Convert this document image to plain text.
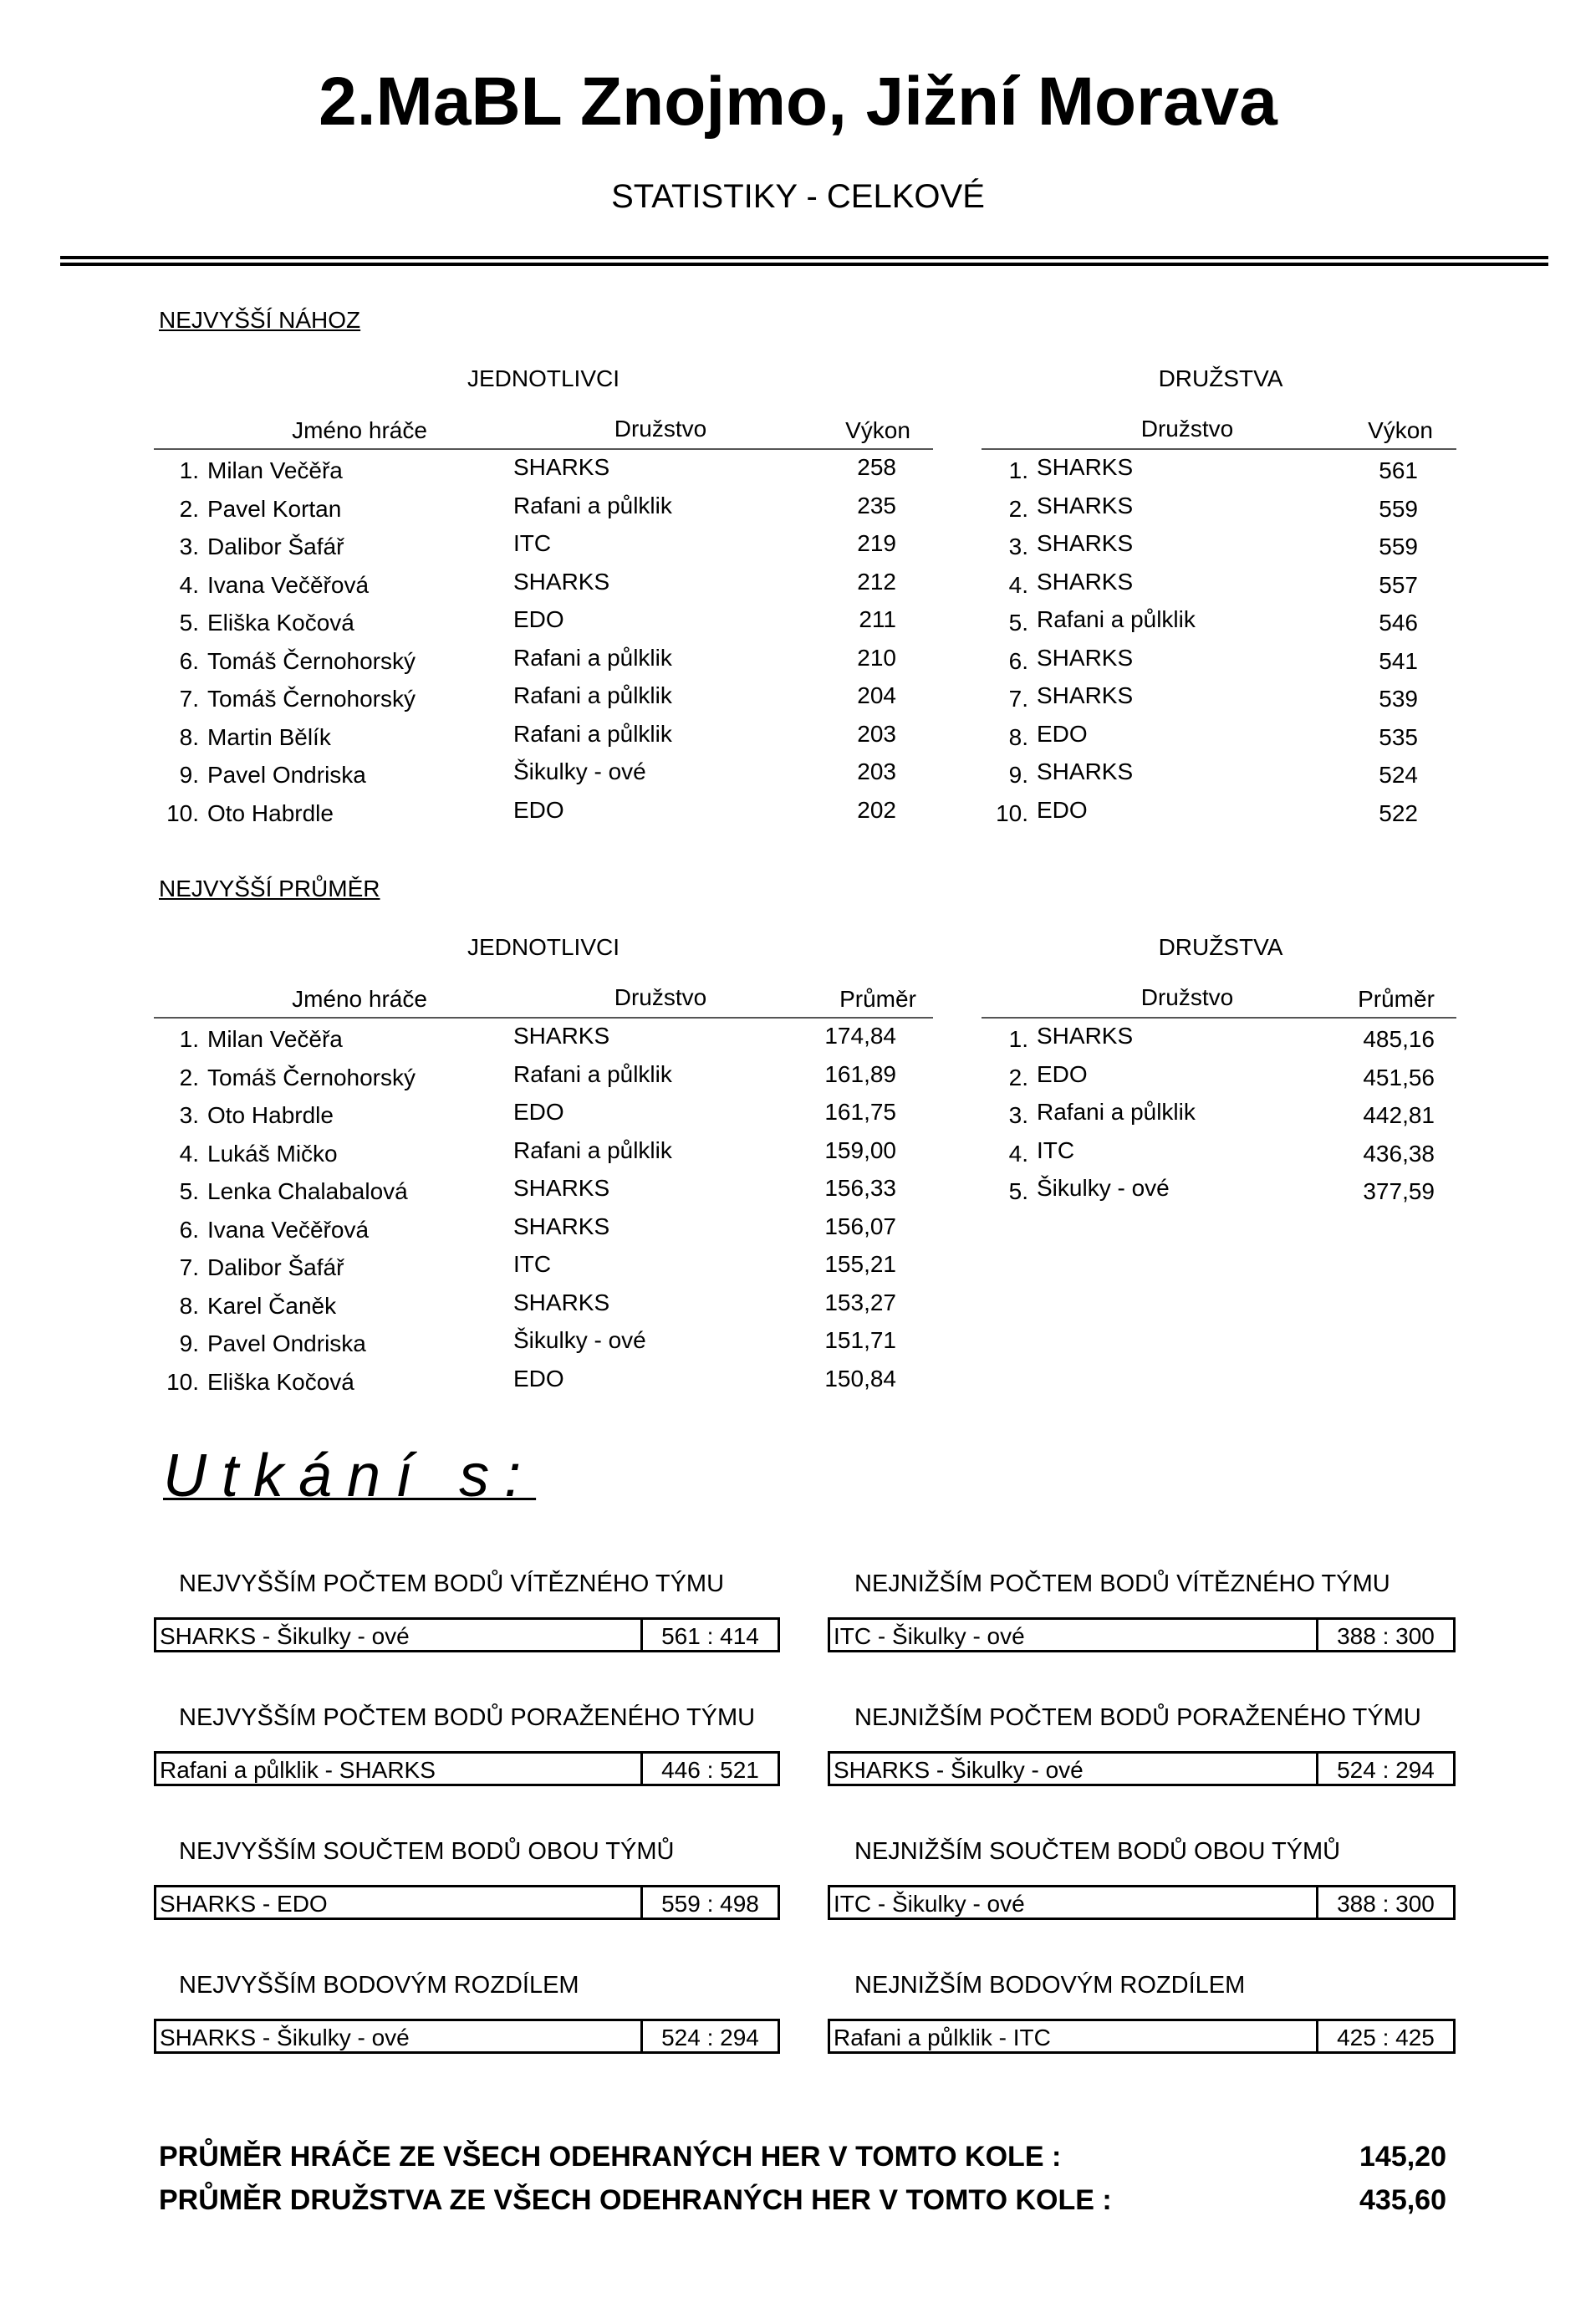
2.MaBL Znojmo, Jižní Morava
STATISTIKY - CELKOVÉ
NEJVYŠŠÍ NÁHOZ
JEDNOTLIVCI	DRUŽSTVA
Jméno hráče	Družstvo	Výkon	Družstvo	Výkon
1. Milan Večěřa	SHARKS	258
2. Pavel Kortan	Rafani a půlklik	235
3. Dalibor Šafář	ITC	219
4. Ivana Večěřová	SHARKS	212
5. Eliška Kočová	EDO	211
6. Tomáš Černohorský	Rafani a půlklik	210
7. Tomáš Černohorský	Rafani a půlklik	204
8. Martin Bělík	Rafani a půlklik	203
9. Pavel Ondriska	Šikulky - ové	203
10. Oto Habrdle	EDO	202
1. SHARKS	561
2. SHARKS	559
3. SHARKS	559
4. SHARKS	557
5. Rafani a půlklik	546
6. SHARKS	541
7. SHARKS	539
8. EDO	535
9. SHARKS	524
10. EDO	522
NEJVYŠŠÍ PRŮMĚR
JEDNOTLIVCI	DRUŽSTVA
Jméno hráče	Družstvo	Průměr	Družstvo	Průměr
1. Milan Večěřa	SHARKS	174,84
2. Tomáš Černohorský	Rafani a půlklik	161,89
3. Oto Habrdle	EDO	161,75
4. Lukáš Mičko	Rafani a půlklik	159,00
5. Lenka Chalabalová	SHARKS	156,33
6. Ivana Večěřová	SHARKS	156,07
7. Dalibor Šafář	ITC	155,21
8. Karel Čaněk	SHARKS	153,27
9. Pavel Ondriska	Šikulky - ové	151,71
10. Eliška Kočová	EDO	150,84
1. SHARKS	485,16
2. EDO	451,56
3. Rafani a půlklik	442,81
4. ITC	436,38
5. Šikulky - ové	377,59
Utkání s:
NEJVYŠŠÍM POČTEM BODŮ VÍTĚZNÉHO TÝMU
SHARKS - Šikulky - ové	561 : 414
NEJNIŽŠÍM POČTEM BODŮ VÍTĚZNÉHO TÝMU
ITC - Šikulky - ové	388 : 300
NEJVYŠŠÍM POČTEM BODŮ PORAŽENÉHO TÝMU
Rafani a půlklik - SHARKS	446 : 521
NEJNIŽŠÍM POČTEM BODŮ PORAŽENÉHO TÝMU
SHARKS - Šikulky - ové	524 : 294
NEJVYŠŠÍM SOUČTEM BODŮ OBOU TÝMŮ
SHARKS - EDO	559 : 498
NEJNIŽŠÍM SOUČTEM BODŮ OBOU TÝMŮ
ITC - Šikulky - ové	388 : 300
NEJVYŠŠÍM BODOVÝM ROZDÍLEM
SHARKS - Šikulky - ové	524 : 294
NEJNIŽŠÍM BODOVÝM ROZDÍLEM
Rafani a půlklik - ITC	425 : 425
PRŮMĚR HRÁČE ZE VŠECH ODEHRANÝCH HER V TOMTO KOLE :	145,20
PRŮMĚR DRUŽSTVA ZE VŠECH ODEHRANÝCH HER V TOMTO KOLE :	435,60
